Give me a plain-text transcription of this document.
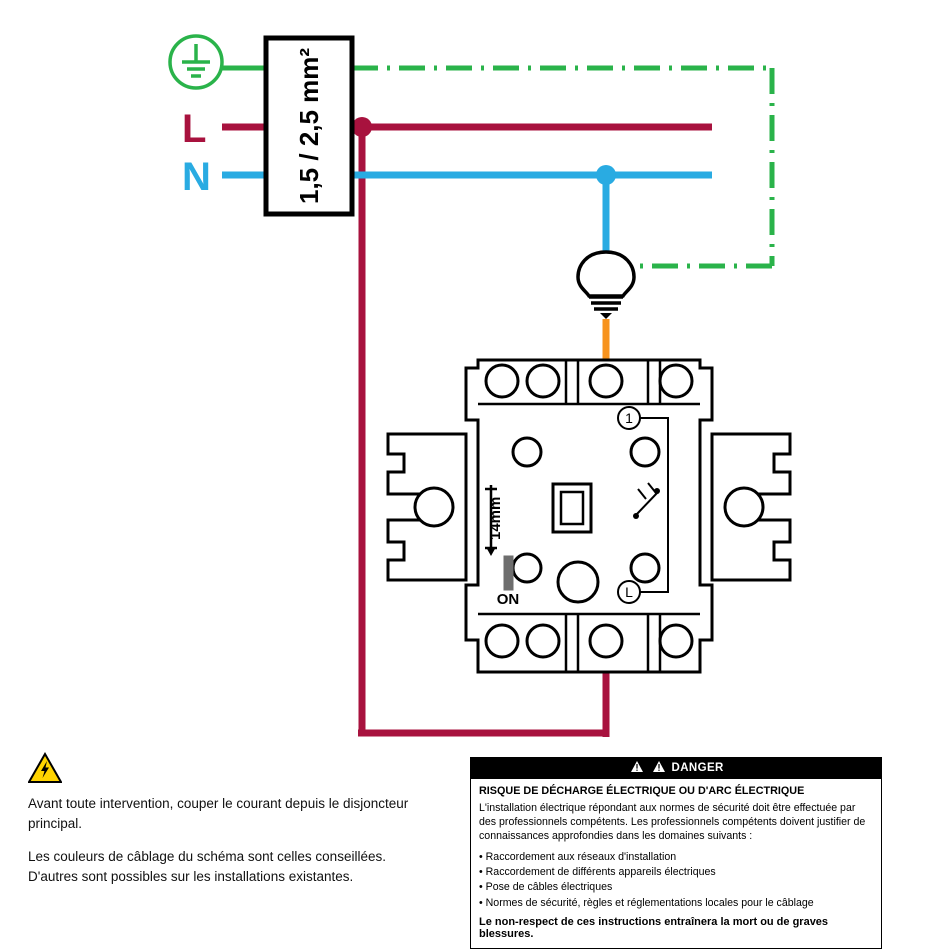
L
N	1,5 / 2,5 mm²
1
L
14mm
ON

Avant toute intervention, couper le courant depuis le disjoncteur principal.

Les couleurs de câblage du schéma sont celles conseillées.

D'autres sont possibles sur les installations existantes.

DANGER

RISQUE DE DÉCHARGE ÉLECTRIQUE OU D'ARC ÉLECTRIQUE

L'installation électrique répondant aux normes de sécurité doit être effectuée par des professionnels compétents. Les professionnels compétents doivent justifier de connaissances approfondies dans les domaines suivants :

• Raccordement aux réseaux d'installation
• Raccordement de différents appareils électriques
• Pose de câbles électriques
• Normes de sécurité, règles et réglementations locales pour le câblage

Le non-respect de ces instructions entraînera la mort ou de graves blessures.
